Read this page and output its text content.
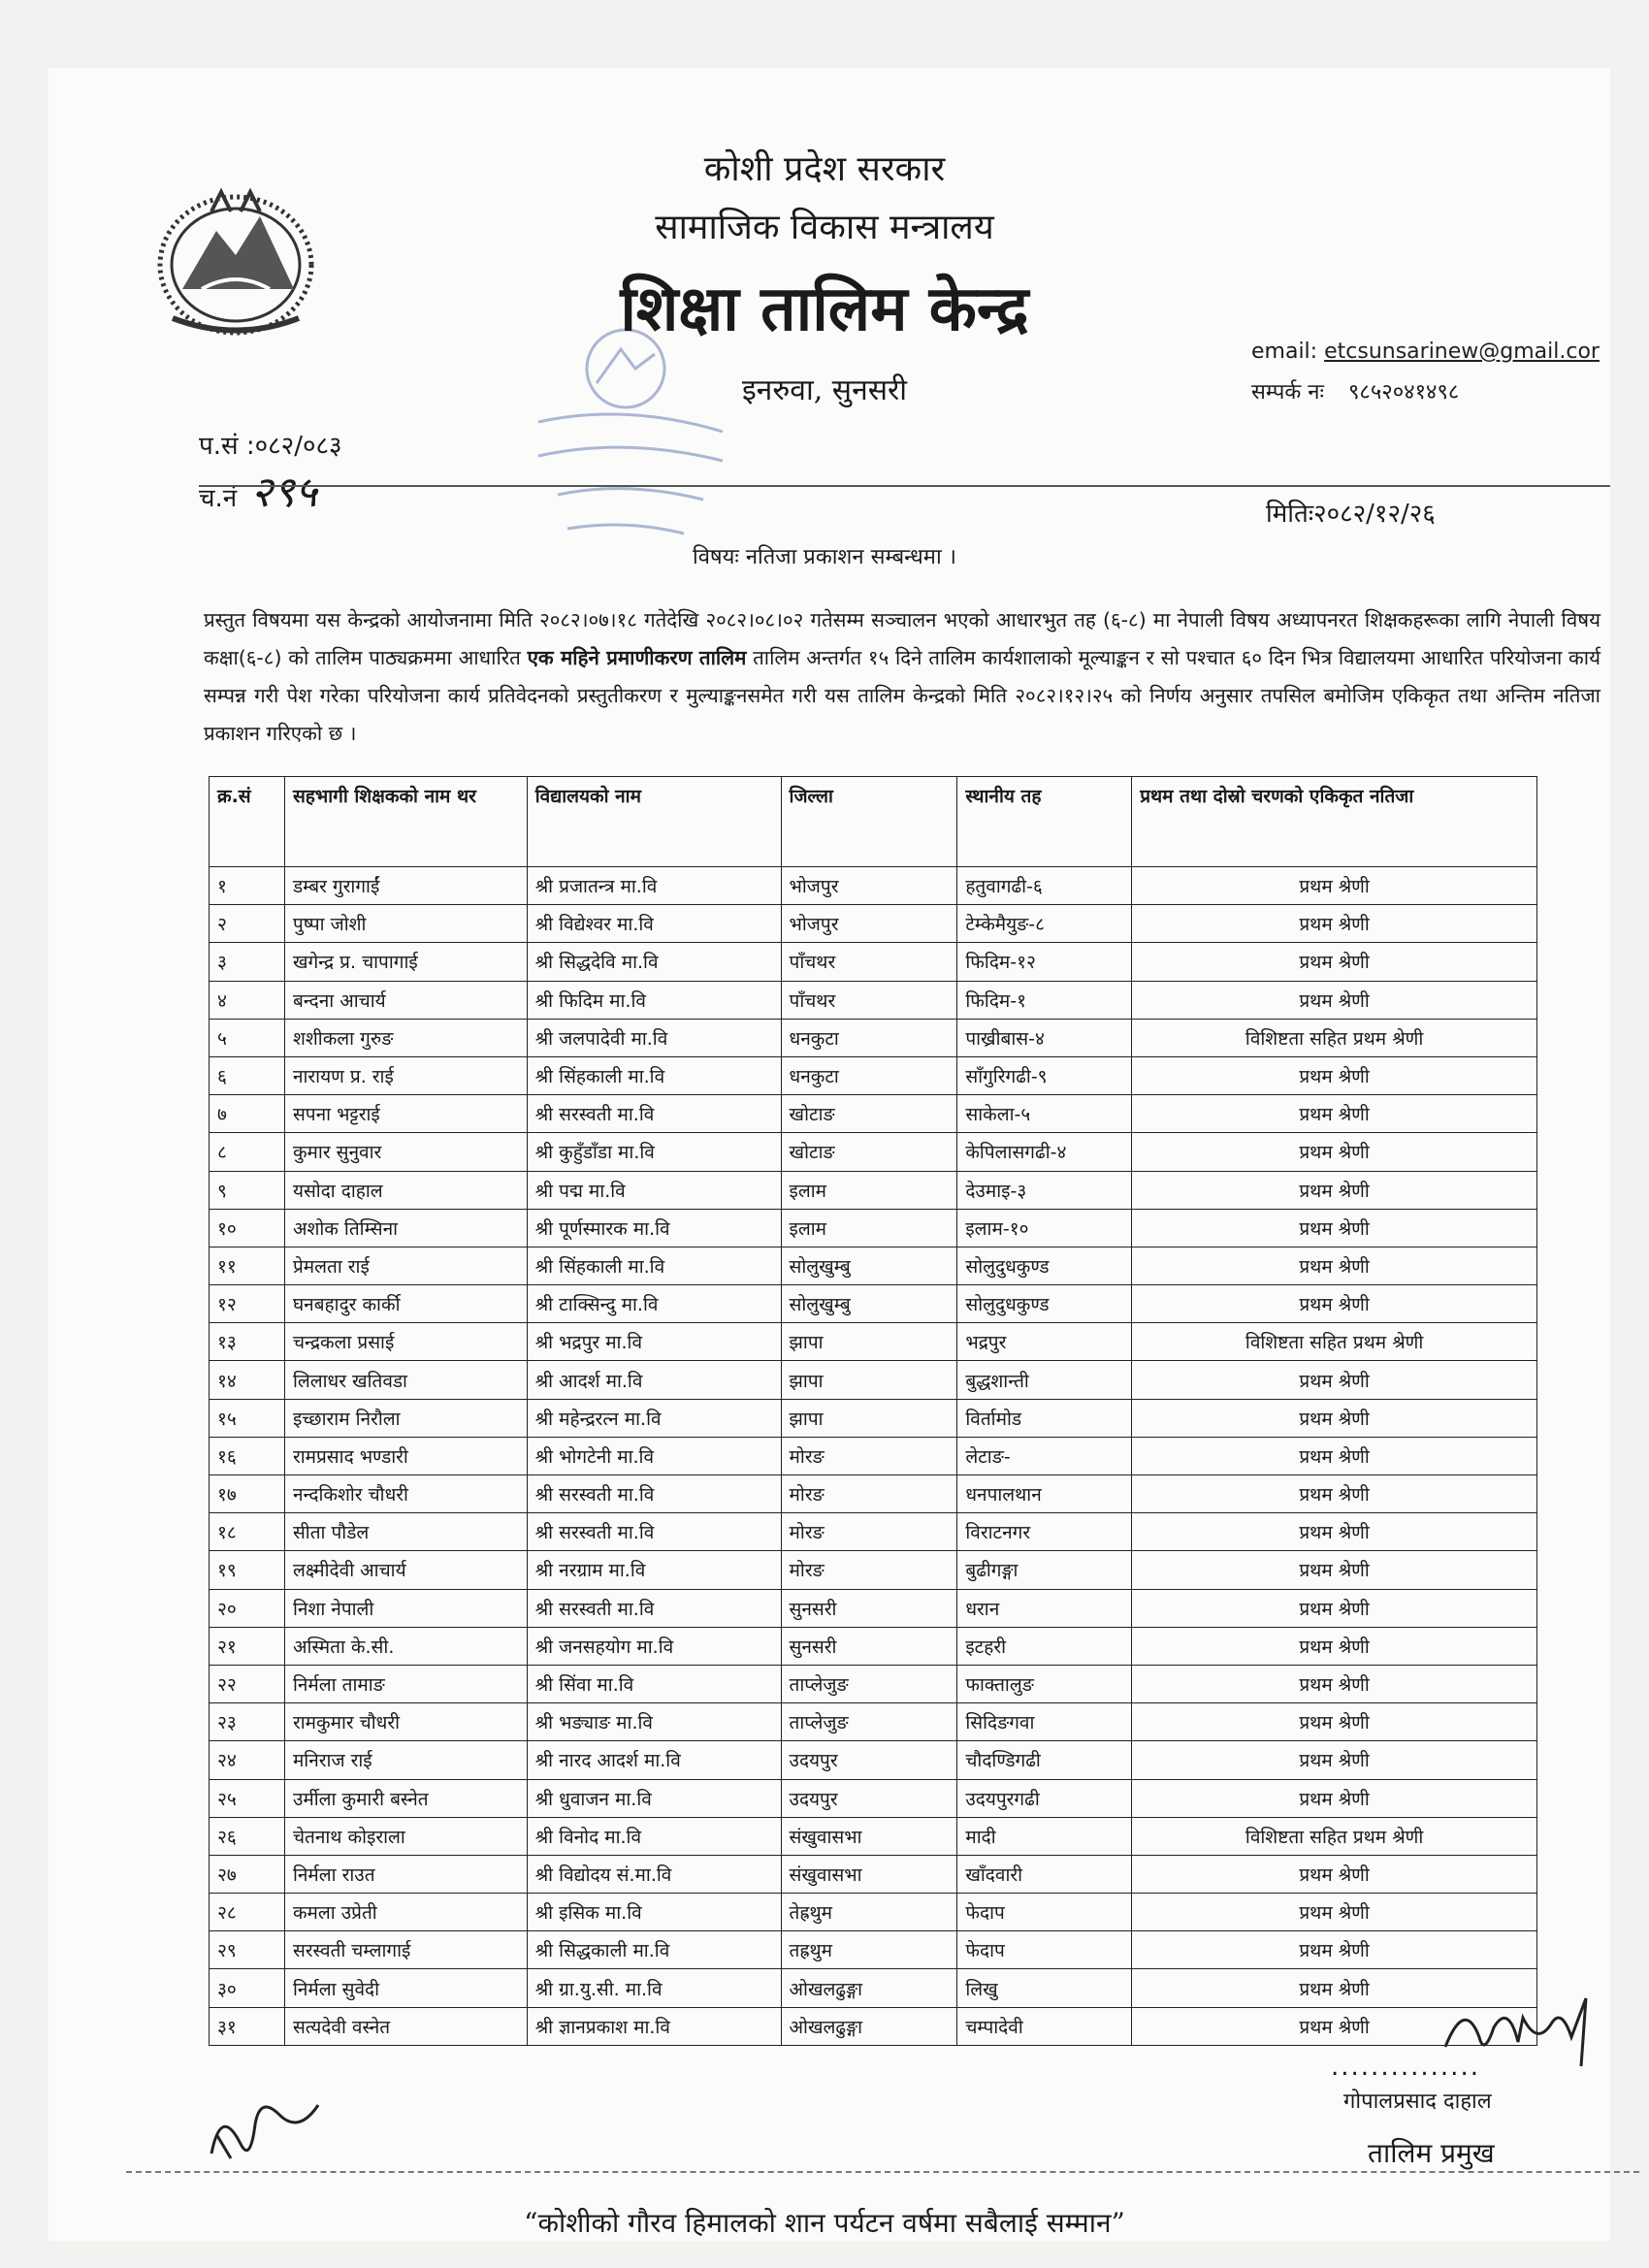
कोशी प्रदेश सरकार
सामाजिक विकास मन्त्रालय
शिक्षा तालिम केन्द्र
इनरुवा, सुनसरी
email: etcsunsarinew@gmail.cor
सम्पर्क नः ९८५२०४१४९८
प.सं :०८२/०८३
च.नं २९५	मितिः२०८२/१२/२६
विषयः नतिजा प्रकाशन सम्बन्धमा ।
प्रस्तुत विषयमा यस केन्द्रको आयोजनामा मिति २०८२।०७।१८ गतेदेखि २०८२।०८।०२ गतेसम्म सञ्चालन भएको आधारभुत तह (६-८) मा नेपाली विषय अध्यापनरत शिक्षकहरूका लागि नेपाली विषय कक्षा(६-८) को तालिम पाठ्यक्रममा आधारित एक महिने प्रमाणीकरण तालिम तालिम अन्तर्गत १५ दिने तालिम कार्यशालाको मूल्याङ्कन र सो पश्चात ६० दिन भित्र विद्यालयमा आधारित परियोजना कार्य सम्पन्न गरी पेश गरेका परियोजना कार्य प्रतिवेदनको प्रस्तुतीकरण र मुल्याङ्कनसमेत गरी यस तालिम केन्द्रको मिति २०८२।१२।२५ को निर्णय अनुसार तपसिल बमोजिम एकिकृत तथा अन्तिम नतिजा प्रकाशन गरिएको छ ।
क्र.सं	सहभागी शिक्षकको नाम थर	विद्यालयको नाम	जिल्ला	स्थानीय तह	प्रथम तथा दोस्रो चरणको एकिकृत नतिजा
१	डम्बर गुरागाईं	श्री प्रजातन्त्र मा.वि	भोजपुर	हतुवागढी-६	प्रथम श्रेणी
२	पुष्पा जोशी	श्री विद्येश्वर मा.वि	भोजपुर	टेम्केमैयुङ-८	प्रथम श्रेणी
३	खगेन्द्र प्र. चापागाई	श्री सिद्धदेवि मा.वि	पाँचथर	फिदिम-१२	प्रथम श्रेणी
४	बन्दना आचार्य	श्री फिदिम मा.वि	पाँचथर	फिदिम-१	प्रथम श्रेणी
५	शशीकला गुरुङ	श्री जलपादेवी मा.वि	धनकुटा	पाख्रीबास-४	विशिष्टता सहित प्रथम श्रेणी
६	नारायण प्र. राई	श्री सिंहकाली मा.वि	धनकुटा	साँगुरिगढी-९	प्रथम श्रेणी
७	सपना भट्टराई	श्री सरस्वती मा.वि	खोटाङ	साकेला-५	प्रथम श्रेणी
८	कुमार सुनुवार	श्री कुहुँडाँडा मा.वि	खोटाङ	केपिलासगढी-४	प्रथम श्रेणी
९	यसोदा दाहाल	श्री पद्म मा.वि	इलाम	देउमाइ-३	प्रथम श्रेणी
१०	अशोक तिम्सिना	श्री पूर्णस्मारक मा.वि	इलाम	इलाम-१०	प्रथम श्रेणी
११	प्रेमलता राई	श्री सिंहकाली मा.वि	सोलुखुम्बु	सोलुदुधकुण्ड	प्रथम श्रेणी
१२	घनबहादुर कार्की	श्री टाक्सिन्दु मा.वि	सोलुखुम्बु	सोलुदुधकुण्ड	प्रथम श्रेणी
१३	चन्द्रकला प्रसाई	श्री भद्रपुर मा.वि	झापा	भद्रपुर	विशिष्टता सहित प्रथम श्रेणी
१४	लिलाधर खतिवडा	श्री आदर्श मा.वि	झापा	बुद्धशान्ती	प्रथम श्रेणी
१५	इच्छाराम निरौला	श्री महेन्द्ररत्न मा.वि	झापा	विर्तामोड	प्रथम श्रेणी
१६	रामप्रसाद भण्डारी	श्री भोगटेनी मा.वि	मोरङ	लेटाङ-	प्रथम श्रेणी
१७	नन्दकिशोर चौधरी	श्री सरस्वती मा.वि	मोरङ	धनपालथान	प्रथम श्रेणी
१८	सीता पौडेल	श्री सरस्वती मा.वि	मोरङ	विराटनगर	प्रथम श्रेणी
१९	लक्ष्मीदेवी आचार्य	श्री नरग्राम मा.वि	मोरङ	बुढीगङ्गा	प्रथम श्रेणी
२०	निशा नेपाली	श्री सरस्वती मा.वि	सुनसरी	धरान	प्रथम श्रेणी
२१	अस्मिता के.सी.	श्री जनसहयोग मा.वि	सुनसरी	इटहरी	प्रथम श्रेणी
२२	निर्मला तामाङ	श्री सिंवा मा.वि	ताप्लेजुङ	फाक्तालुङ	प्रथम श्रेणी
२३	रामकुमार चौधरी	श्री भङ्याङ मा.वि	ताप्लेजुङ	सिदिङगवा	प्रथम श्रेणी
२४	मनिराज राई	श्री नारद आदर्श मा.वि	उदयपुर	चौदण्डिगढी	प्रथम श्रेणी
२५	उर्मीला कुमारी बस्नेत	श्री धुवाजन मा.वि	उदयपुर	उदयपुरगढी	प्रथम श्रेणी
२६	चेतनाथ कोइराला	श्री विनोद मा.वि	संखुवासभा	मादी	विशिष्टता सहित प्रथम श्रेणी
२७	निर्मला राउत	श्री विद्योदय सं.मा.वि	संखुवासभा	खाँदवारी	प्रथम श्रेणी
२८	कमला उप्रेती	श्री इसिक मा.वि	तेह्रथुम	फेदाप	प्रथम श्रेणी
२९	सरस्वती चम्लागाई	श्री सिद्धकाली मा.वि	तह्रथुम	फेदाप	प्रथम श्रेणी
३०	निर्मला सुवेदी	श्री ग्रा.यु.सी. मा.वि	ओखलढुङ्गा	लिखु	प्रथम श्रेणी
३१	सत्यदेवी वस्नेत	श्री ज्ञानप्रकाश मा.वि	ओखलढुङ्गा	चम्पादेवी	प्रथम श्रेणी
...............
गोपालप्रसाद दाहाल
तालिम प्रमुख
“कोशीको गौरव हिमालको शान पर्यटन वर्षमा सबैलाई सम्मान”
